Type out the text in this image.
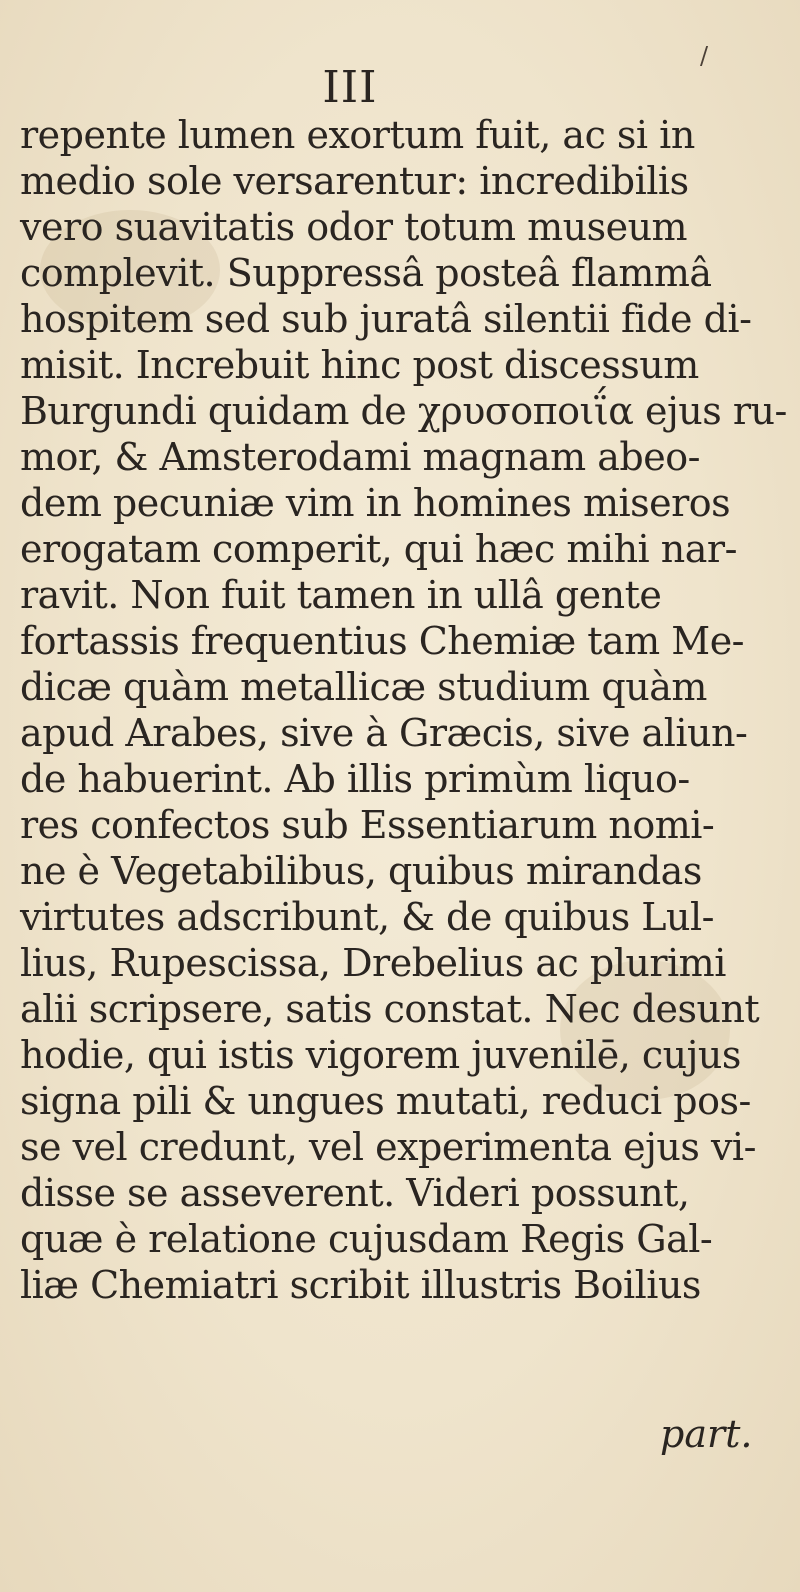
III
/
repente lumen exortum fuit, ac si in
medio sole versarentur: incredibilis
vero suavitatis odor totum museum
complevit. Suppressâ posteâ flammâ
hospitem sed sub juratâ silentii fide di-
misit. Increbuit hinc post discessum
Burgundi quidam de χρυσοποιΐα ejus ru-
mor, & Amsterodami magnam abeo-
dem pecuniæ vim in homines miseros
erogatam comperit, qui hæc mihi nar-
ravit. Non fuit tamen in ullâ gente
fortassis frequentius Chemiæ tam Me-
dicæ quàm metallicæ studium quàm
apud Arabes, sive à Græcis, sive aliun-
de habuerint. Ab illis primùm liquo-
res confectos sub Essentiarum nomi-
ne è Vegetabilibus, quibus mirandas
virtutes adscribunt, & de quibus Lul-
lius, Rupescissa, Drebelius ac plurimi
alii scripsere, satis constat. Nec desunt
hodie, qui istis vigorem juvenilē, cujus
signa pili & ungues mutati, reduci pos-
se vel credunt, vel experimenta ejus vi-
disse se asseverent. Videri possunt,
quæ è relatione cujusdam Regis Gal-
liæ Chemiatri scribit illustris Boilius
part.
